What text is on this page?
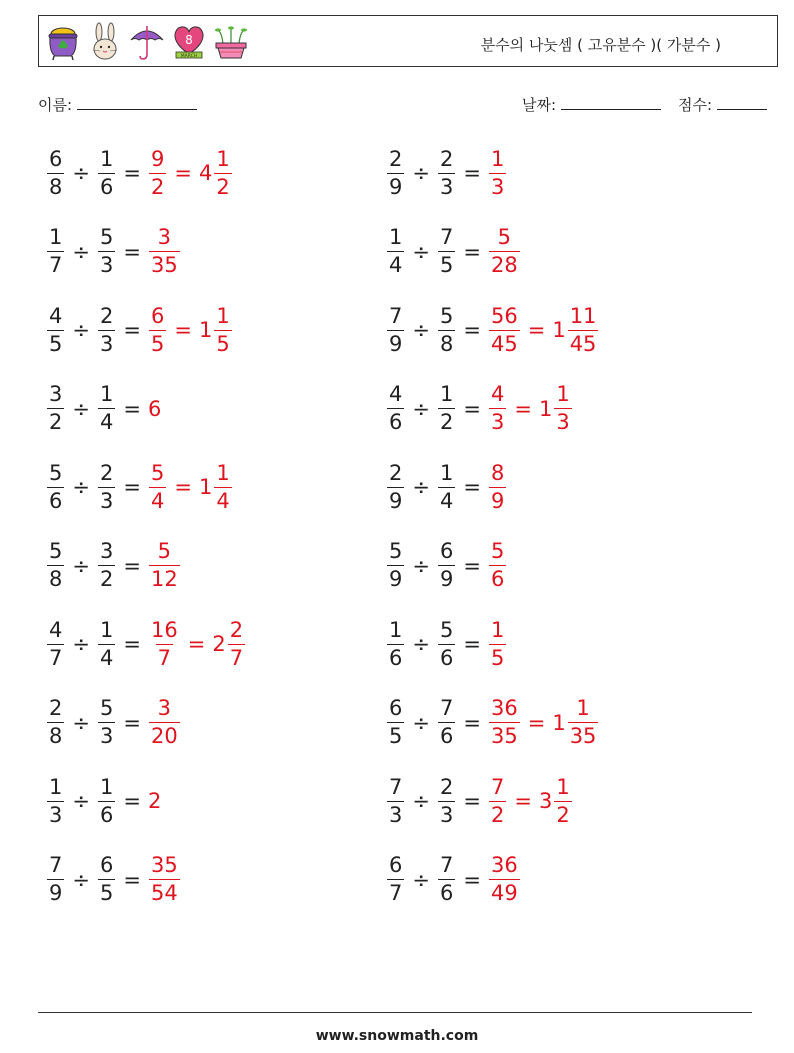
8
MARCH
분수의 나눗셈 ( 고유분수 )( 가분수 )
이름:	날짜:	점수:
$\frac{6}{8} \div \frac{1}{6} = \frac{9}{2} = 4 \frac{1}{2}$	$\frac{2}{9} \div \frac{2}{3} = \frac{1}{3}$
$\frac{1}{7} \div \frac{5}{3} = \frac{3}{35}$	$\frac{1}{4} \div \frac{7}{5} = \frac{5}{28}$
$\frac{4}{5} \div \frac{2}{3} = \frac{6}{5} = 1 \frac{1}{5}$	$\frac{7}{9} \div \frac{5}{8} = \frac{56}{45} = 1 \frac{11}{45}$
$\frac{3}{2} \div \frac{1}{4} = 6$	$\frac{4}{6} \div \frac{1}{2} = \frac{4}{3} = 1 \frac{1}{3}$
$\frac{5}{6} \div \frac{2}{3} = \frac{5}{4} = 1 \frac{1}{4}$	$\frac{2}{9} \div \frac{1}{4} = \frac{8}{9}$
$\frac{5}{8} \div \frac{3}{2} = \frac{5}{12}$	$\frac{5}{9} \div \frac{6}{9} = \frac{5}{6}$
$\frac{4}{7} \div \frac{1}{4} = \frac{16}{7} = 2 \frac{2}{7}$	$\frac{1}{6} \div \frac{5}{6} = \frac{1}{5}$
$\frac{2}{8} \div \frac{5}{3} = \frac{3}{20}$	$\frac{6}{5} \div \frac{7}{6} = \frac{36}{35} = 1 \frac{1}{35}$
$\frac{1}{3} \div \frac{1}{6} = 2$	$\frac{7}{3} \div \frac{2}{3} = \frac{7}{2} = 3 \frac{1}{2}$
$\frac{7}{9} \div \frac{6}{5} = \frac{35}{54}$	$\frac{6}{7} \div \frac{7}{6} = \frac{36}{49}$
www.snowmath.com
